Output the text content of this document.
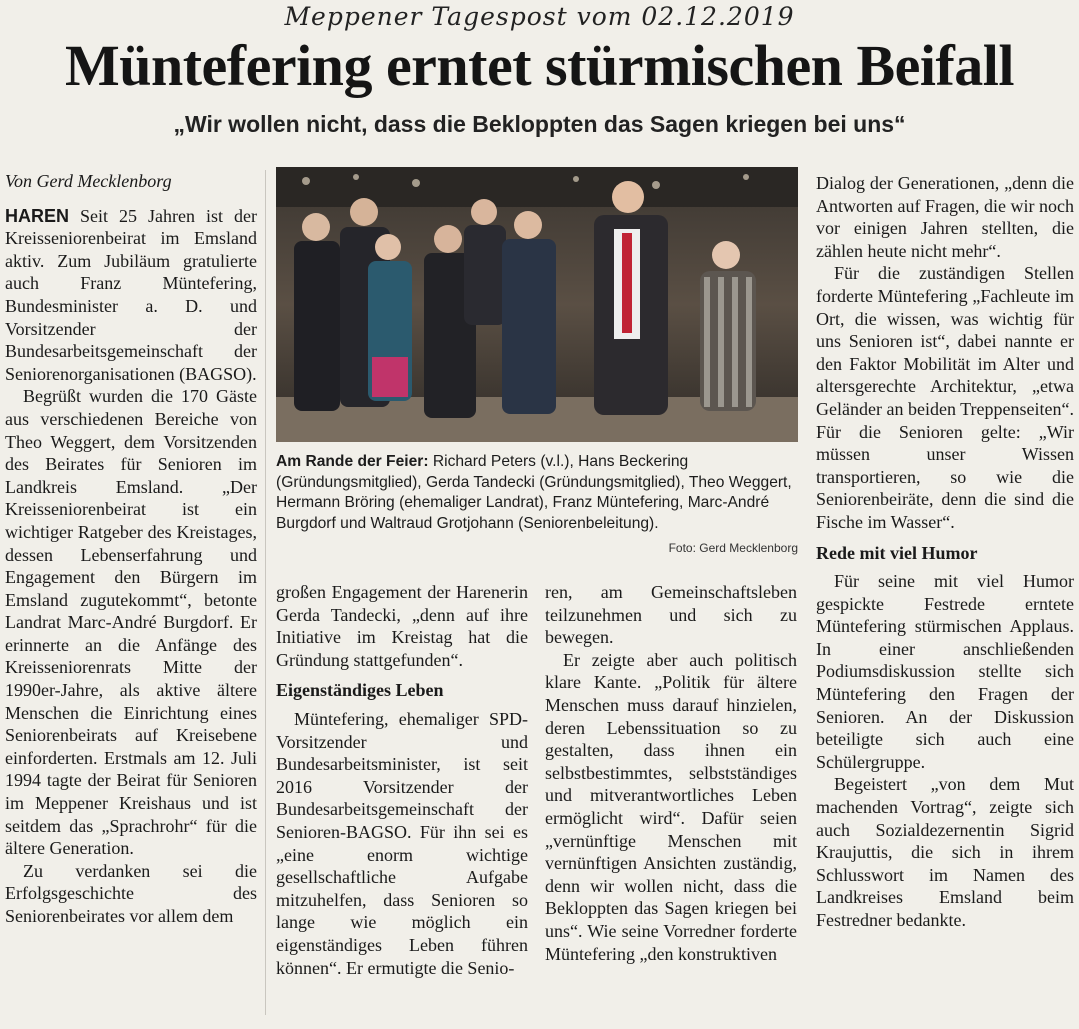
Meppener Tagespost vom 02.12.2019
Müntefering erntet stürmischen Beifall
„Wir wollen nicht, dass die Bekloppten das Sagen kriegen bei uns“

Von Gerd Mecklenborg

HAREN Seit 25 Jahren ist der Kreisseniorenbeirat im Emsland aktiv. Zum Jubiläum gratulierte auch Franz Müntefering, Bundesminister a. D. und Vorsitzender der Bundesarbeitsgemeinschaft der Seniorenorganisationen (BAGSO).

Begrüßt wurden die 170 Gäste aus verschiedenen Bereiche von Theo Weggert, dem Vorsitzenden des Beirates für Senioren im Landkreis Emsland. „Der Kreisseniorenbeirat ist ein wichtiger Ratgeber des Kreistages, dessen Lebenserfahrung und Engagement den Bürgern im Emsland zugutekommt“, betonte Landrat Marc-André Burgdorf. Er erinnerte an die Anfänge des Kreisseniorenrats Mitte der 1990er-Jahre, als aktive ältere Menschen die Einrichtung eines Seniorenbeirats auf Kreisebene einforderten. Erstmals am 12. Juli 1994 tagte der Beirat für Senioren im Meppener Kreishaus und ist seitdem das „Sprachrohr“ für die ältere Generation.

Zu verdanken sei die Erfolgsgeschichte des Seniorenbeirates vor allem dem

Am Rande der Feier: Richard Peters (v.l.), Hans Beckering (Gründungsmitglied), Gerda Tandecki (Gründungsmitglied), Theo Weggert, Hermann Bröring (ehemaliger Landrat), Franz Müntefering, Marc-André Burgdorf und Waltraud Grotjohann (Seniorenbeleitung).
Foto: Gerd Mecklenborg

großen Engagement der Harenerin Gerda Tandecki, „denn auf ihre Initiative im Kreistag hat die Gründung stattgefunden“.

Eigenständiges Leben

Müntefering, ehemaliger SPD-Vorsitzender und Bundesarbeitsminister, ist seit 2016 Vorsitzender der Bundesarbeitsgemeinschaft der Senioren-BAGSO. Für ihn sei es „eine enorm wichtige gesellschaftliche Aufgabe mitzuhelfen, dass Senioren so lange wie möglich ein eigenständiges Leben führen können“. Er ermutigte die Senio-

ren, am Gemeinschaftsleben teilzunehmen und sich zu bewegen.

Er zeigte aber auch politisch klare Kante. „Politik für ältere Menschen muss darauf hinzielen, deren Lebenssituation so zu gestalten, dass ihnen ein selbstbestimmtes, selbstständiges und mitverantwortliches Leben ermöglicht wird“. Dafür seien „vernünftige Menschen mit vernünftigen Ansichten zuständig, denn wir wollen nicht, dass die Bekloppten das Sagen kriegen bei uns“. Wie seine Vorredner forderte Müntefering „den konstruktiven

Dialog der Generationen, „denn die Antworten auf Fragen, die wir noch vor einigen Jahren stellten, die zählen heute nicht mehr“.

Für die zuständigen Stellen forderte Müntefering „Fachleute im Ort, die wissen, was wichtig für uns Senioren ist“, dabei nannte er den Faktor Mobilität im Alter und altersgerechte Architektur, „etwa Geländer an beiden Treppenseiten“. Für die Senioren gelte: „Wir müssen unser Wissen transportieren, so wie die Seniorenbeiräte, denn die sind die Fische im Wasser“.

Rede mit viel Humor

Für seine mit viel Humor gespickte Festrede erntete Müntefering stürmischen Applaus. In einer anschließenden Podiumsdiskussion stellte sich Müntefering den Fragen der Senioren. An der Diskussion beteiligte sich auch eine Schülergruppe.

Begeistert „von dem Mut machenden Vortrag“, zeigte sich auch Sozialdezernentin Sigrid Kraujuttis, die sich in ihrem Schlusswort im Namen des Landkreises Emsland beim Festredner bedankte.
